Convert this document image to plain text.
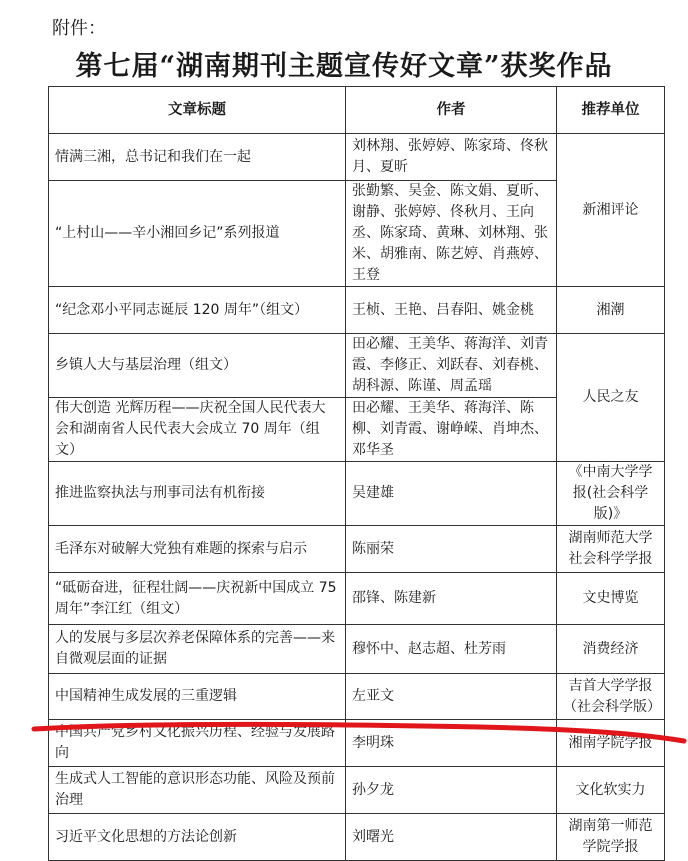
附件：
第七届“湖南期刊主题宣传好文章”获奖作品
文章标题	作者	推荐单位
情满三湘，总书记和我们在一起	刘林翔、张婷婷、陈家琦、佟秋月、夏昕	新湘评论
“上村山——辛小湘回乡记”系列报道	张勤繁、吴金、陈文娟、夏昕、谢静、张婷婷、佟秋月、王向丞、陈家琦、黄琳、刘林翔、张米、胡雅南、陈艺婷、肖燕婷、王登	
“纪念邓小平同志诞辰 120 周年”（组文）	王桢、王艳、吕春阳、姚金桃	湘潮
乡镇人大与基层治理（组文）	田必耀、王美华、蒋海洋、刘青霞、李修正、刘跃春、刘春桃、胡科源、陈谨、周孟瑶	人民之友
伟大创造 光辉历程——庆祝全国人民代表大会和湖南省人民代表大会成立 70 周年（组文）	田必耀、王美华、蒋海洋、陈柳、刘青霞、谢峥嵘、肖坤杰、邓华圣	
推进监察执法与刑事司法有机衔接	吴建雄	《中南大学学报(社会科学版)》
毛泽东对破解大党独有难题的探索与启示	陈丽荣	湖南师范大学社会科学学报
“砥砺奋进，征程壮阔——庆祝新中国成立 75 周年”李江红（组文）	邵锋、陈建新	文史博览
人的发展与多层次养老保障体系的完善——来自微观层面的证据	穆怀中、赵志超、杜芳雨	消费经济
中国精神生成发展的三重逻辑	左亚文	吉首大学学报（社会科学版）
中国共产党乡村文化振兴历程、经验与发展路向	李明珠	湘南学院学报
生成式人工智能的意识形态功能、风险及预前治理	孙夕龙	文化软实力
习近平文化思想的方法论创新	刘曙光	湖南第一师范学院学报
